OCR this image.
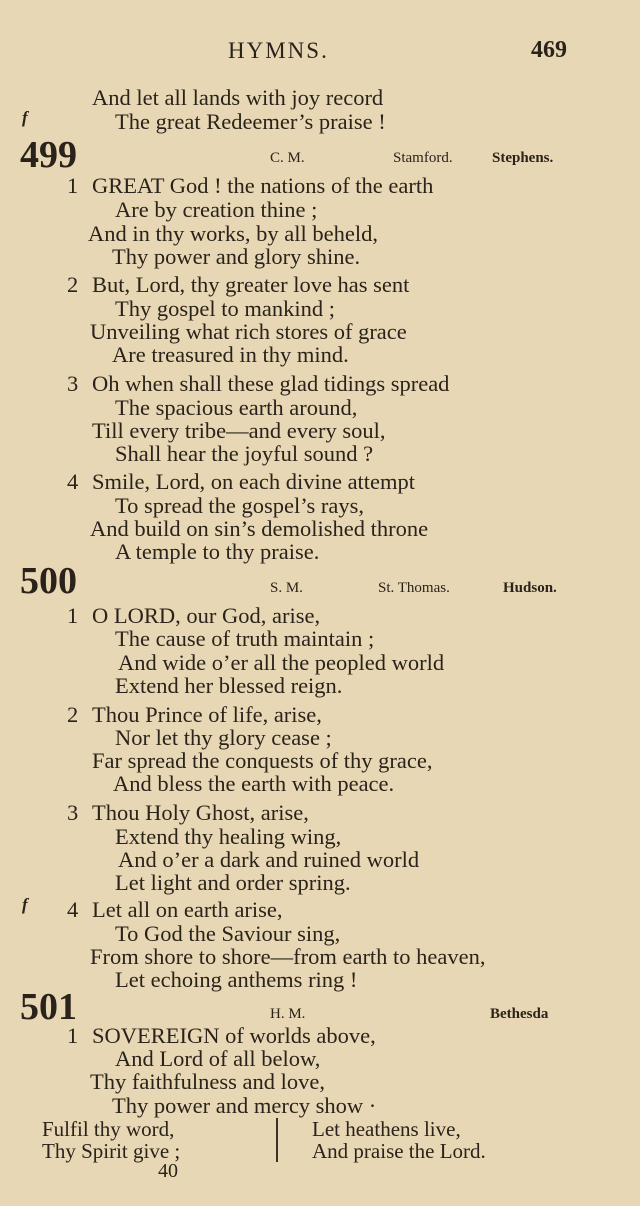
HYMNS.	469
And let all lands with joy record
f	The great Redeemer’s praise !
499	C. M.	Stamford.	Stephens.
1 GREAT God ! the nations of the earth
Are by creation thine ;
And in thy works, by all beheld,
Thy power and glory shine.
2 But, Lord, thy greater love has sent
Thy gospel to mankind ;
Unveiling what rich stores of grace
Are treasured in thy mind.
3 Oh when shall these glad tidings spread
The spacious earth around,
Till every tribe—and every soul,
Shall hear the joyful sound ?
4 Smile, Lord, on each divine attempt
To spread the gospel’s rays,
And build on sin’s demolished throne
A temple to thy praise.
500	S. M.	St. Thomas.	Hudson.
1 O LORD, our God, arise,
The cause of truth maintain ;
And wide o’er all the peopled world
Extend her blessed reign.
2 Thou Prince of life, arise,
Nor let thy glory cease ;
Far spread the conquests of thy grace,
And bless the earth with peace.
3 Thou Holy Ghost, arise,
Extend thy healing wing,
And o’er a dark and ruined world
Let light and order spring.
f 4 Let all on earth arise,
To God the Saviour sing,
From shore to shore—from earth to heaven,
Let echoing anthems ring !
501	H. M.	Bethesda
1 SOVEREIGN of worlds above,
And Lord of all below,
Thy faithfulness and love,
Thy power and mercy show ·
Fulfil thy word,
Thy Spirit give ;
Let heathens live,
And praise the Lord.
40
